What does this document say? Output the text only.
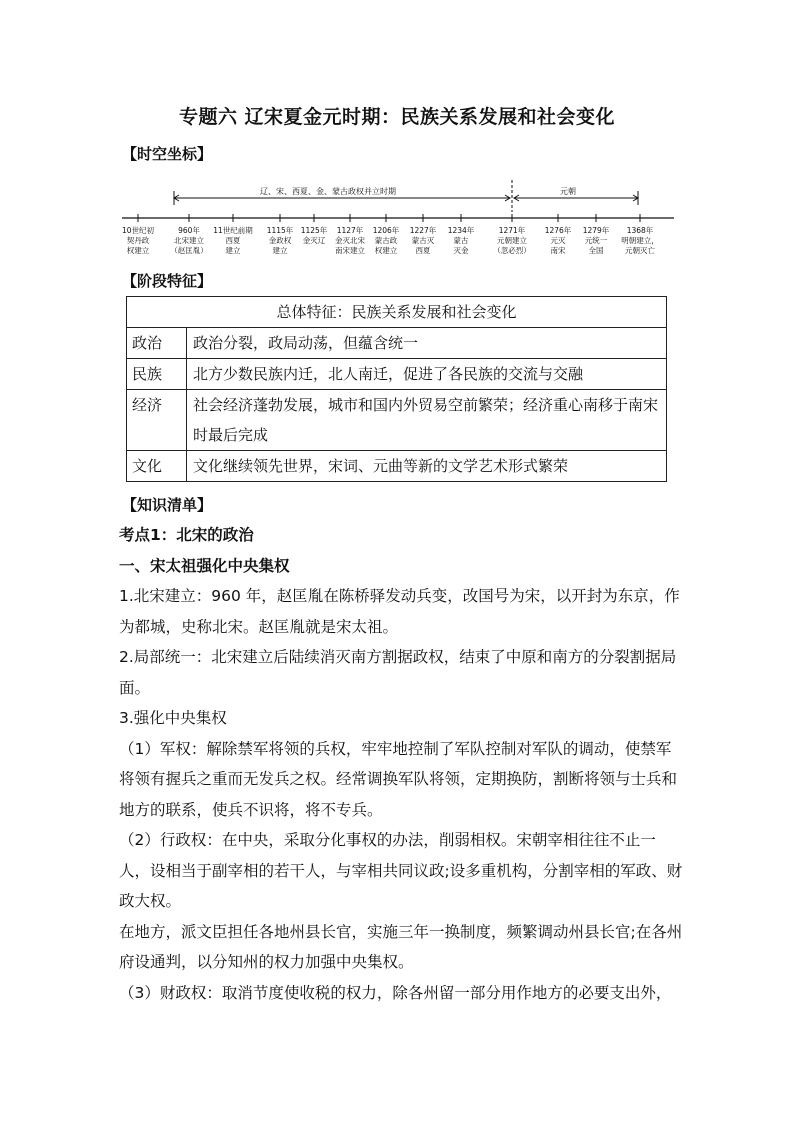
专题六 辽宋夏金元时期：民族关系发展和社会变化
【时空坐标】
辽、宋、西夏、金、蒙古政权并立时期	元朝
10世纪初
契丹政
权建立
960年
北宋建立
（赵匡胤）
11世纪前期
西夏
建立
1115年
金政权
建立
1125年
金灭辽
1127年
金灭北宋
南宋建立
1206年
蒙古政
权建立
1227年
蒙古灭
西夏
1234年
蒙古
灭金
1271年
元朝建立
（忽必烈）
1276年
元灭
南宋
1279年
元统一
全国
1368年
明朝建立，
元朝灭亡
【阶段特征】
总体特征：民族关系发展和社会变化	
政治	政治分裂，政局动荡，但蕴含统一
民族	北方少数民族内迁，北人南迁，促进了各民族的交流与交融
经济	社会经济蓬勃发展，城市和国内外贸易空前繁荣；经济重心南移于南宋时最后完成
文化	文化继续领先世界，宋词、元曲等新的文学艺术形式繁荣
【知识清单】

考点1：北宋的政治

一、宋太祖强化中央集权

1.北宋建立：960 年，赵匡胤在陈桥驿发动兵变，改国号为宋，以开封为东京，作为都城，史称北宋。赵匡胤就是宋太祖。

2.局部统一：北宋建立后陆续消灭南方割据政权，结束了中原和南方的分裂割据局面。

3.强化中央集权

（1）军权：解除禁军将领的兵权，牢牢地控制了军队控制对军队的调动，使禁军将领有握兵之重而无发兵之权。经常调换军队将领，定期换防，割断将领与士兵和地方的联系，使兵不识将，将不专兵。

（2）行政权：在中央，采取分化事权的办法，削弱相权。宋朝宰相往往不止一人，设相当于副宰相的若干人，与宰相共同议政;设多重机构，分割宰相的军政、财政大权。

在地方，派文臣担任各地州县长官，实施三年一换制度，频繁调动州县长官;在各州府设通判，以分知州的权力加强中央集权。

（3）财政权：取消节度使收税的权力，除各州留一部分用作地方的必要支出外，
